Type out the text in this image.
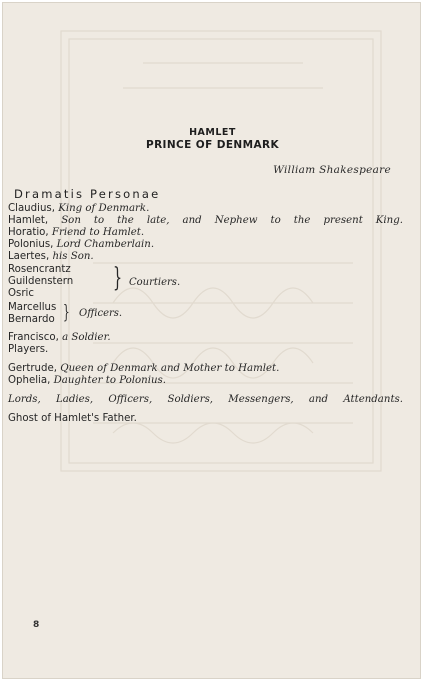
HAMLET
PRINCE OF DENMARK
William Shakespeare
Dramatis Personae
Claudius, King of Denmark.
Hamlet, Son to the late, and Nephew to the present King.
Horatio, Friend to Hamlet.
Polonius, Lord Chamberlain.
Laertes, his Son.
Rosencrantz
Guildenstern
Osric
} Courtiers.
Marcellus
Bernardo } Officers.
Francisco, a Soldier.
Players.
Gertrude, Queen of Denmark and Mother to Hamlet.
Ophelia, Daughter to Polonius.
Lords, Ladies, Officers, Soldiers, Messengers, and Attendants.
Ghost of Hamlet's Father.
8
